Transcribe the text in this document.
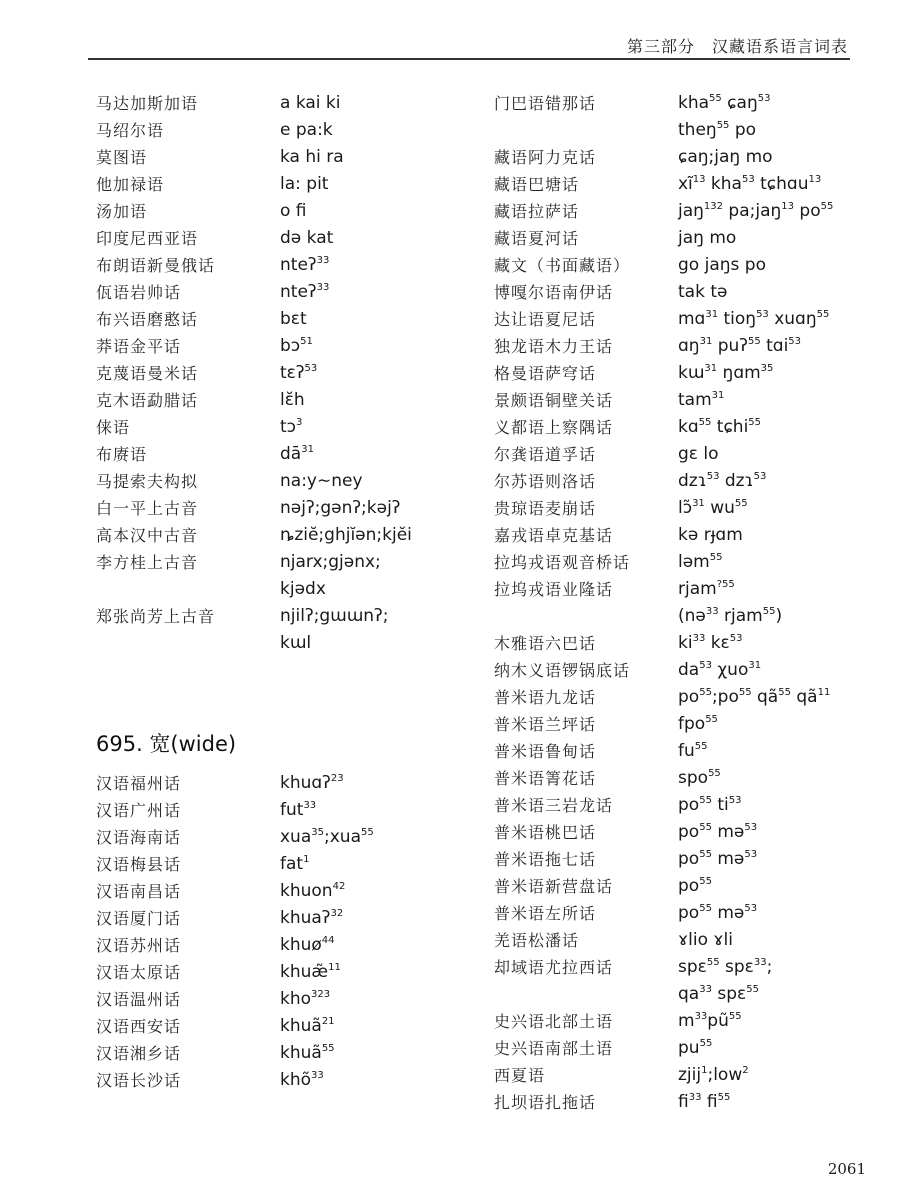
第三部分　汉藏语系语言词表
马达加斯加语	a kai ki
马绍尔语	e pa:k
莫图语	ka hi ra
他加禄语	la: pit
汤加语	o fi
印度尼西亚语	də kat
布朗语新曼俄话	nteʔ$^{33}$
佤语岩帅话	nteʔ$^{33}$
布兴语磨憨话	bɛt
莽语金平话	bɔ$^{51}$
克蔑语曼米话	tɛʔ$^{53}$
克木语勐腊话	lɛ̆h
俫语	tɔ$^3$
布赓语	$dā^{31}$
马提索夫构拟	na:y∼ney
白一平上古音	nəjʔ;gənʔ;kəjʔ
高本汉中古音	ȵziĕ;ghjĭən;kjĕi
李方桂上古音	njarx;gjənx;
kjədx
郑张尚芳上古音	njilʔ;gɯɯnʔ;
kɯl
695. 宽(wide)
汉语福州话	khuɑʔ$^{23}$
汉语广州话	fut$^{33}$
汉语海南话	xua$^{35}$;xua$^{55}$
汉语梅县话	fat$^1$
汉语南昌话	khuon$^{42}$
汉语厦门话	khuaʔ$^{32}$
汉语苏州话	khuø$^{44}$
汉语太原话	khuæ̃$^{11}$
汉语温州话	kho$^{323}$
汉语西安话	khuã$^{21}$
汉语湘乡话	khuã$^{55}$
汉语长沙话	khõ$^{33}$
门巴语错那话	kha$^{55}$ ɕaŋ$^{53}$
theŋ$^{55}$ po
藏语阿力克话	ɕaŋ;jaŋ mo
藏语巴塘话	$xĩ^{13}$ kha$^{53}$ tɕhɑu$^{13}$
藏语拉萨话	jaŋ$^{132}$ pa;jaŋ$^{13}$ $po^{55}$
藏语夏河话	jaŋ mo
藏文（书面藏语）	go jaŋs po
博嘎尔语南伊话	tak tə
达让语夏尼话	mɑ$^{31}$ tioŋ$^{53}$ xuɑŋ$^{55}$
独龙语木力王话	ɑŋ$^{31}$ puʔ$^{55}$ tɑi$^{53}$
格曼语萨穹话	kɯ$^{31}$ ŋɑm$^{35}$
景颇语铜壁关话	tam$^{31}$
义都语上察隅话	kɑ$^{55}$ tɕhi$^{55}$
尔龚语道孚话	gɛ lo
尔苏语则洛话	dzɿ$^{53}$ dzɿ$^{53}$
贵琼语麦崩话	lɔ̃$^{31}$ $wu^{55}$
嘉戎语卓克基话	kə rɟɑm
拉坞戎语观音桥话	ləm$^{55}$
拉坞戎语业隆话	rjam$^{?55}$
(nə$^{33}$ rjam$^{55}$)
木雅语六巴话	$ki^{33}$ kɛ$^{53}$
纳木义语锣锅底话	$da^{53}$ χuo$^{31}$
普米语九龙话	$po^{55};po^{55}$ $qã^{55}$ $qã^{11}$
普米语兰坪话	fpo$^{55}$
普米语鲁甸话	$fu^{55}$
普米语箐花话	spo$^{55}$
普米语三岩龙话	$po^{55}$ $ti^{53}$
普米语桃巴话	$po^{55}$ mə$^{53}$
普米语拖七话	$po^{55}$ mə$^{53}$
普米语新营盘话	$po^{55}$
普米语左所话	$po^{55}$ mə$^{53}$
羌语松潘话	ɤlio ɤli
却域语尤拉西话	spɛ$^{55}$ spɛ$^{33}$;
$qa^{33}$ spɛ$^{55}$
史兴语北部土语	$m^{33}pũ^{55}$
史兴语南部土语	$pu^{55}$
西夏语	zjij$^1$;low$^2$
扎坝语扎拖话	$fi^{33}$ $fi^{55}$
2061
